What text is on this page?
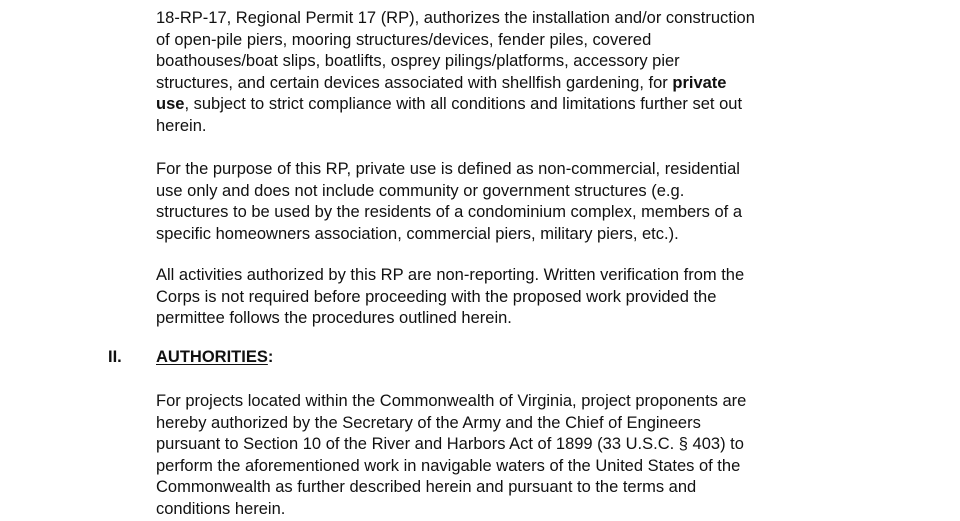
18-RP-17, Regional Permit 17 (RP), authorizes the installation and/or construction
of open-pile piers, mooring structures/devices, fender piles, covered
boathouses/boat slips, boatlifts, osprey pilings/platforms, accessory pier
structures, and certain devices associated with shellfish gardening, for private
use, subject to strict compliance with all conditions and limitations further set out
herein.

For the purpose of this RP, private use is defined as non-commercial, residential
use only and does not include community or government structures (e.g.
structures to be used by the residents of a condominium complex, members of a
specific homeowners association, commercial piers, military piers, etc.).

All activities authorized by this RP are non-reporting. Written verification from the
Corps is not required before proceeding with the proposed work provided the
permittee follows the procedures outlined herein.

II. AUTHORITIES:

For projects located within the Commonwealth of Virginia, project proponents are
hereby authorized by the Secretary of the Army and the Chief of Engineers
pursuant to Section 10 of the River and Harbors Act of 1899 (33 U.S.C. § 403) to
perform the aforementioned work in navigable waters of the United States of the
Commonwealth as further described herein and pursuant to the terms and
conditions herein.
